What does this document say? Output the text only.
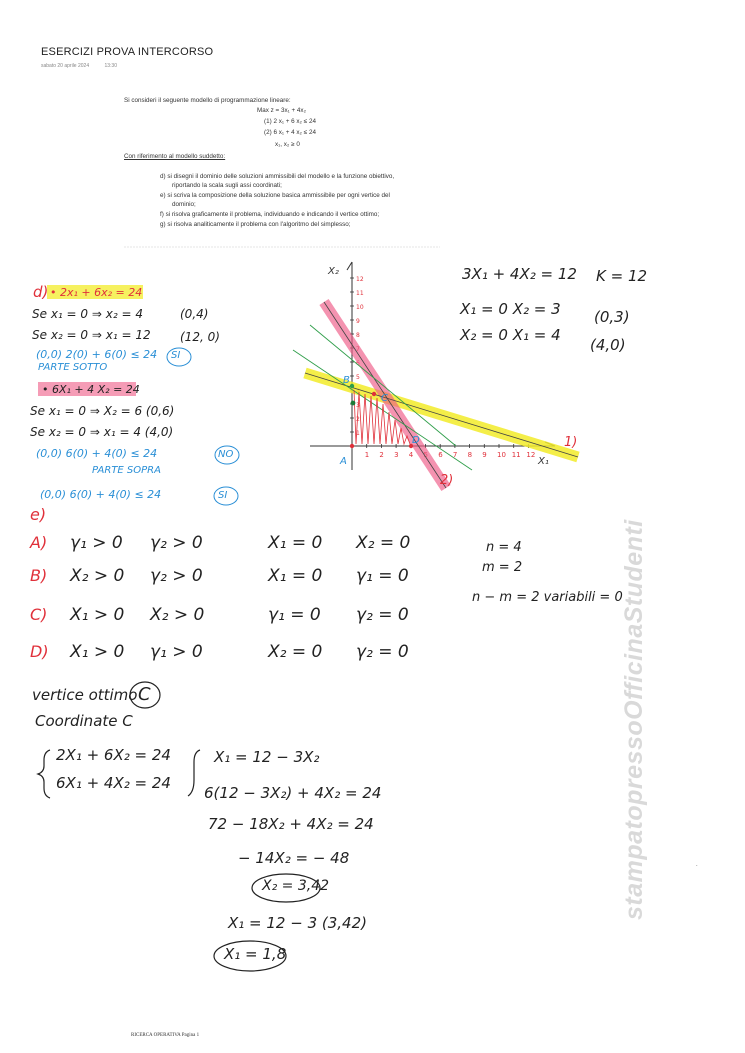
ESERCIZI PROVA INTERCORSO
sabato 20 aprile 2024	13:30
Si consideri il seguente modello di programmazione lineare:
Max z = 3x₁ + 4x₂
(1) 2 x₁ + 6 x₂ ≤ 24
(2) 6 x₁ + 4 x₂ ≤ 24
x₁, x₂ ≥ 0
Con riferimento al modello suddetto:
d) si disegni il dominio delle soluzioni ammissibili del modello e la funzione obiettivo,
riportando la scala sugli assi coordinati;
e) si scriva la composizione della soluzione basica ammissibile per ogni vertice del
dominio;
f) si risolva graficamente il problema, individuando e indicando il vertice ottimo;
g) si risolva analiticamente il problema con l'algoritmo del simplesso;
1 2 3 4	6 7 8 9 10 11 12
1
2
3
5
8
9
10
11
12
A
B
C
D	1)
2)
X₁
X₂
d) • 2x₁ + 6x₂ = 24
Se x₁ = 0 ⇒ x₂ = 4	(0,4)
Se x₂ = 0 ⇒ x₁ = 12 (12, 0)
(0,0) 2(0) + 6(0) ≤ 24 SI
PARTE SOTTO
• 6X₁ + 4 X₂ = 24
Se x₁ = 0 ⇒ X₂ = 6 (0,6)
Se x₂ = 0 ⇒ x₁ = 4 (4,0)
(0,0) 6(0) + 4(0) ≤ 24	NO
PARTE SOPRA
(0,0) 6(0) + 4(0) ≤ 24	SI
3X₁ + 4X₂ = 12 K = 12
X₁ = 0 X₂ = 3 (0,3)
X₂ = 0 X₁ = 4
(4,0)
e)
A) γ₁ > 0 γ₂ > 0	X₁ = 0 X₂ = 0
B) X₂ > 0 γ₂ > 0	X₁ = 0 γ₁ = 0
C) X₁ > 0 X₂ > 0	γ₁ = 0 γ₂ = 0
D) X₁ > 0 γ₁ > 0	X₂ = 0 γ₂ = 0
n = 4
m = 2
n − m = 2 variabili = 0
vertice ottimo C
Coordinate C
2X₁ + 6X₂ = 24
6X₁ + 4X₂ = 24
X₁ = 12 − 3X₂
6(12 − 3X₂) + 4X₂ = 24
72 − 18X₂ + 4X₂ = 24
− 14X₂ = − 48
X₂ = 3,42
X₁ = 12 − 3 (3,42)
X₁ = 1,8
stampatopressoOfficinaStudenti	.
RICERCA OPERATIVA Pagina 1
